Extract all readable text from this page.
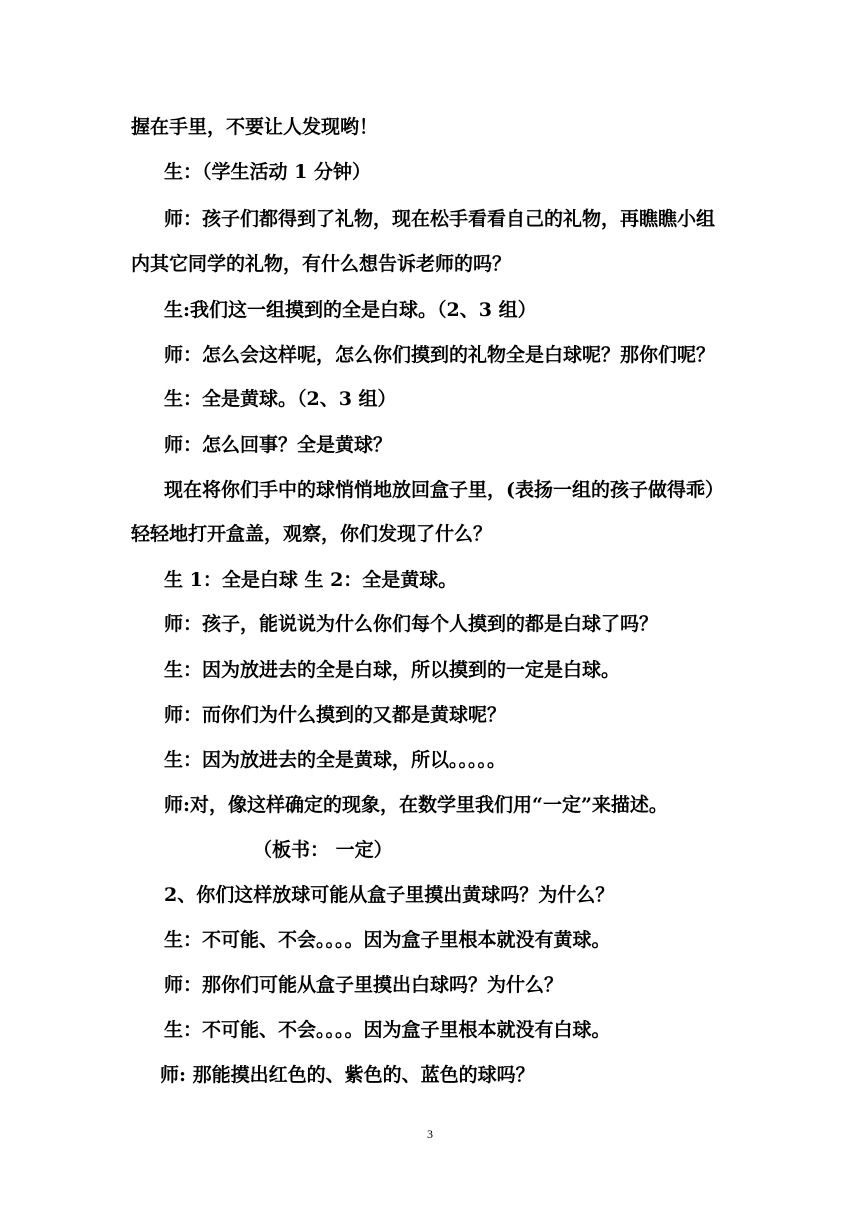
握在手里，不要让人发现哟！

生：（学生活动 1 分钟）

师：孩子们都得到了礼物，现在松手看看自己的礼物，再瞧瞧小组

内其它同学的礼物，有什么想告诉老师的吗？

生:我们这一组摸到的全是白球。（2、3 组）

师：怎么会这样呢，怎么你们摸到的礼物全是白球呢？那你们呢？

生：全是黄球。（2、3 组）

师：怎么回事？全是黄球？

现在将你们手中的球悄悄地放回盒子里，(表扬一组的孩子做得乖）

轻轻地打开盒盖，观察，你们发现了什么？

生 1：全是白球 生 2：全是黄球。

师：孩子，能说说为什么你们每个人摸到的都是白球了吗？

生：因为放进去的全是白球，所以摸到的一定是白球。

师：而你们为什么摸到的又都是黄球呢？

生：因为放进去的全是黄球，所以。。。。。

师:对，像这样确定的现象，在数学里我们用“一定”来描述。

（板书： 一定）

2、你们这样放球可能从盒子里摸出黄球吗？为什么？

生：不可能、不会。。。。因为盒子里根本就没有黄球。

师：那你们可能从盒子里摸出白球吗？为什么？

生：不可能、不会。。。。因为盒子里根本就没有白球。

师: 那能摸出红色的、紫色的、蓝色的球吗？

3
